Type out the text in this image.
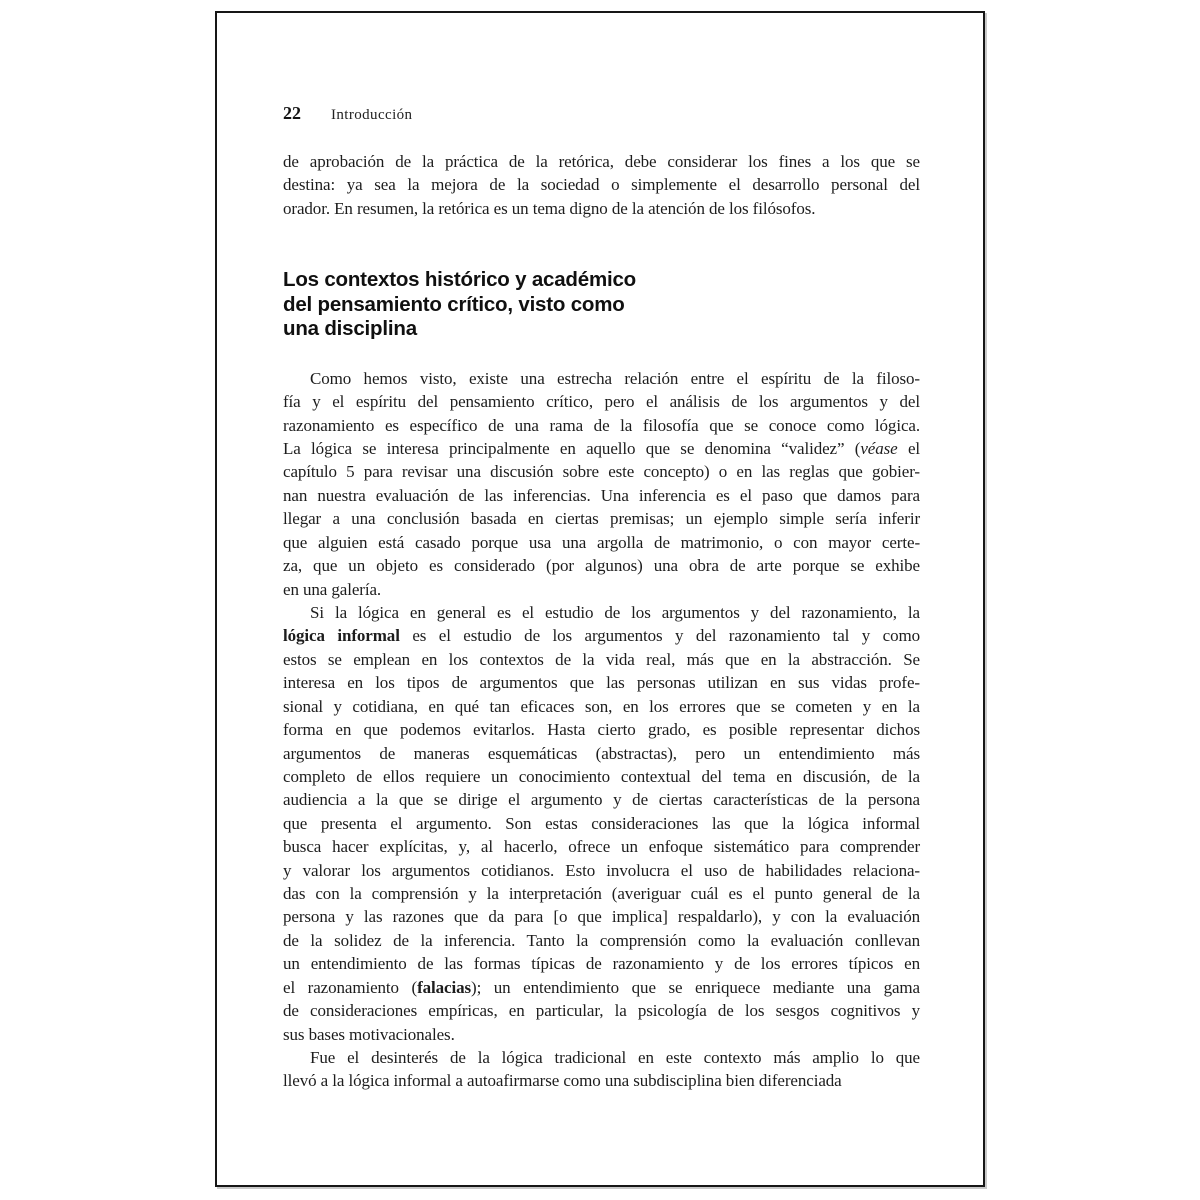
22 Introducción
de aprobación de la práctica de la retórica, debe considerar los fines a los que se
destina: ya sea la mejora de la sociedad o simplemente el desarrollo personal del
orador. En resumen, la retórica es un tema digno de la atención de los filósofos.
Los contextos histórico y académico
del pensamiento crítico, visto como
una disciplina
Como hemos visto, existe una estrecha relación entre el espíritu de la filoso-
fía y el espíritu del pensamiento crítico, pero el análisis de los argumentos y del
razonamiento es específico de una rama de la filosofía que se conoce como lógica.
La lógica se interesa principalmente en aquello que se denomina “validez” (véase el
capítulo 5 para revisar una discusión sobre este concepto) o en las reglas que gobier-
nan nuestra evaluación de las inferencias. Una inferencia es el paso que damos para
llegar a una conclusión basada en ciertas premisas; un ejemplo simple sería inferir
que alguien está casado porque usa una argolla de matrimonio, o con mayor certe-
za, que un objeto es considerado (por algunos) una obra de arte porque se exhibe
en una galería.
Si la lógica en general es el estudio de los argumentos y del razonamiento, la
lógica informal es el estudio de los argumentos y del razonamiento tal y como
estos se emplean en los contextos de la vida real, más que en la abstracción. Se
interesa en los tipos de argumentos que las personas utilizan en sus vidas profe-
sional y cotidiana, en qué tan eficaces son, en los errores que se cometen y en la
forma en que podemos evitarlos. Hasta cierto grado, es posible representar dichos
argumentos de maneras esquemáticas (abstractas), pero un entendimiento más
completo de ellos requiere un conocimiento contextual del tema en discusión, de la
audiencia a la que se dirige el argumento y de ciertas características de la persona
que presenta el argumento. Son estas consideraciones las que la lógica informal
busca hacer explícitas, y, al hacerlo, ofrece un enfoque sistemático para comprender
y valorar los argumentos cotidianos. Esto involucra el uso de habilidades relaciona-
das con la comprensión y la interpretación (averiguar cuál es el punto general de la
persona y las razones que da para [o que implica] respaldarlo), y con la evaluación
de la solidez de la inferencia. Tanto la comprensión como la evaluación conllevan
un entendimiento de las formas típicas de razonamiento y de los errores típicos en
el razonamiento (falacias); un entendimiento que se enriquece mediante una gama
de consideraciones empíricas, en particular, la psicología de los sesgos cognitivos y
sus bases motivacionales.
Fue el desinterés de la lógica tradicional en este contexto más amplio lo que
llevó a la lógica informal a autoafirmarse como una subdisciplina bien diferenciada
